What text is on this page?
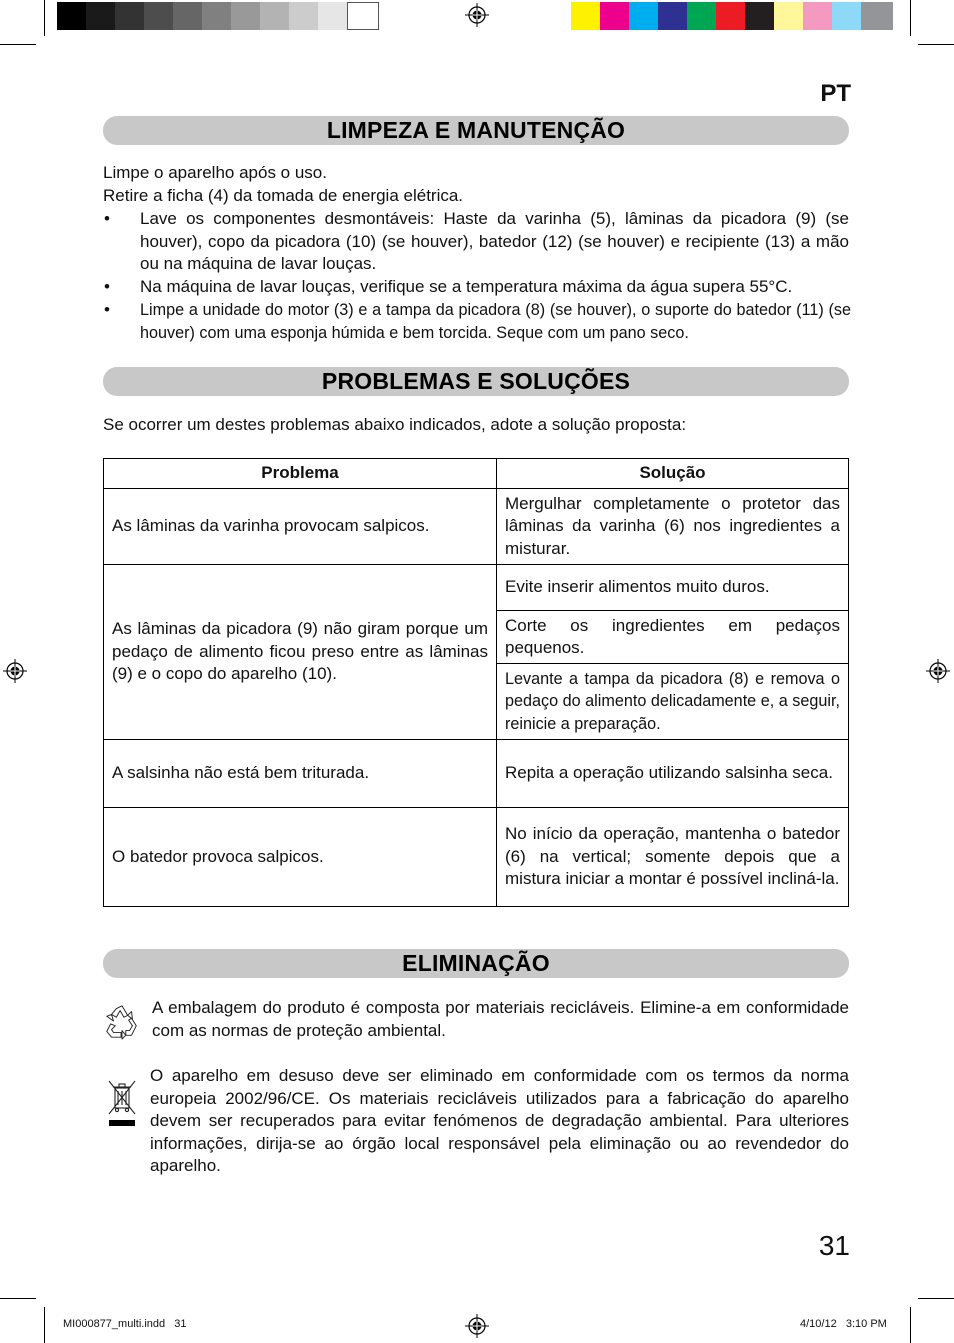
PT
LIMPEZA E MANUTENÇÃO
Limpe o aparelho após o uso.
Retire a ficha (4) da tomada de energia elétrica.
• Lave os componentes desmontáveis: Haste da varinha (5), lâminas da picadora (9) (se houver), copo da picadora (10) (se houver), batedor (12) (se houver) e recipiente (13) a mão ou na máquina de lavar louças.
• Na máquina de lavar louças, verifique se a temperatura máxima da água supera 55°C.
• Limpe a unidade do motor (3) e a tampa da picadora (8) (se houver), o suporte do batedor (11) (se houver) com uma esponja húmida e bem torcida. Seque com um pano seco.
PROBLEMAS E SOLUÇÕES
Se ocorrer um destes problemas abaixo indicados, adote a solução proposta:
Problema	Solução
As lâminas da varinha provocam salpicos.	Mergulhar completamente o protetor das lâminas da varinha (6) nos ingredientes a misturar.
As lâminas da picadora (9) não giram porque um pedaço de alimento ficou preso entre as lâminas (9) e o copo do aparelho (10).	Evite inserir alimentos muito duros.
	Corte os ingredientes em pedaços pequenos.
	Levante a tampa da picadora (8) e remova o pedaço do alimento delicadamente e, a seguir, reinicie a preparação.
A salsinha não está bem triturada.	Repita a operação utilizando salsinha seca.
O batedor provoca salpicos.	No início da operação, mantenha o batedor (6) na vertical; somente depois que a mistura iniciar a montar é possível incliná-la.
ELIMINAÇÃO
A embalagem do produto é composta por materiais recicláveis. Elimine-a em conformidade com as normas de proteção ambiental.
O aparelho em desuso deve ser eliminado em conformidade com os termos da norma europeia 2002/96/CE. Os materiais recicláveis utilizados para a fabricação do aparelho devem ser recuperados para evitar fenómenos de degradação ambiental. Para ulteriores informações, dirija-se ao órgão local responsável pela eliminação ou ao revendedor do aparelho.
31
MI000877_multi.indd   31	4/10/12   3:10 PM
